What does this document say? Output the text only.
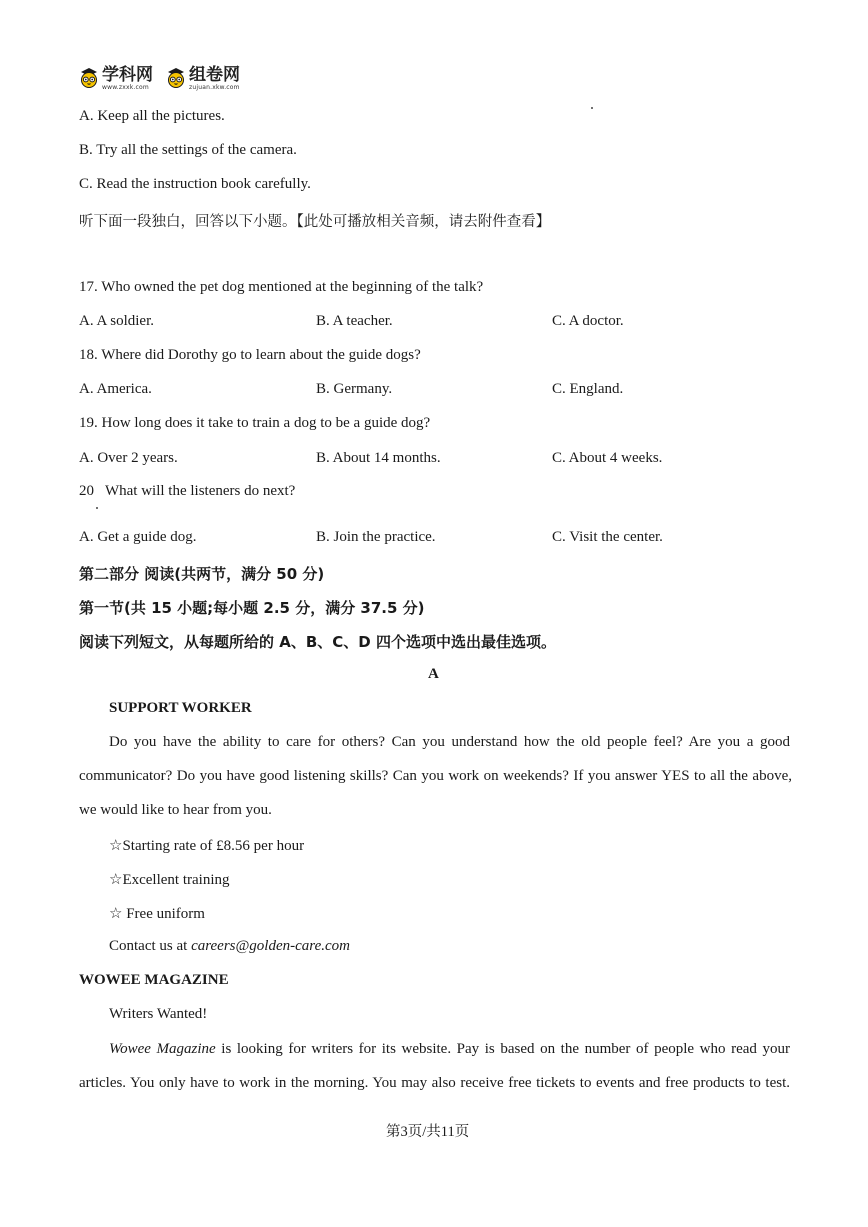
学科网
www.zxxk.com
组卷网
zujuan.xkw.com
A. Keep all the pictures.
B. Try all the settings of the camera.
C. Read the instruction book carefully.
听下面一段独白，回答以下小题。【此处可播放相关音频，请去附件查看】
17. Who owned the pet dog mentioned at the beginning of the talk?
A. A soldier.	B. A teacher.	C. A doctor.
18. Where did Dorothy go to learn about the guide dogs?
A. America.	B. Germany.	C. England.
19. How long does it take to train a dog to be a guide dog?
A. Over 2 years.	B. About 14 months.	C. About 4 weeks.
20   What will the listeners do next?
A. Get a guide dog.	B. Join the practice.	C. Visit the center.
第二部分 阅读(共两节，满分 50 分)
第一节(共 15 小题;每小题 2.5 分，满分 37.5 分)
阅读下列短文，从每题所给的 A、B、C、D 四个选项中选出最佳选项。
A
SUPPORT WORKER
Do you have the ability to care for others? Can you understand how the old people feel? Are you a good
communicator? Do you have good listening skills? Can you work on weekends? If you answer YES to all the above,
we would like to hear from you.
☆Starting rate of £8.56 per hour
☆Excellent training
☆ Free uniform
Contact us at careers@golden-care.com
WOWEE MAGAZINE
Writers Wanted!
Wowee Magazine is looking for writers for its website. Pay is based on the number of people who read your
articles. You only have to work in the morning. You may also receive free tickets to events and free products to test.
第3页/共11页
